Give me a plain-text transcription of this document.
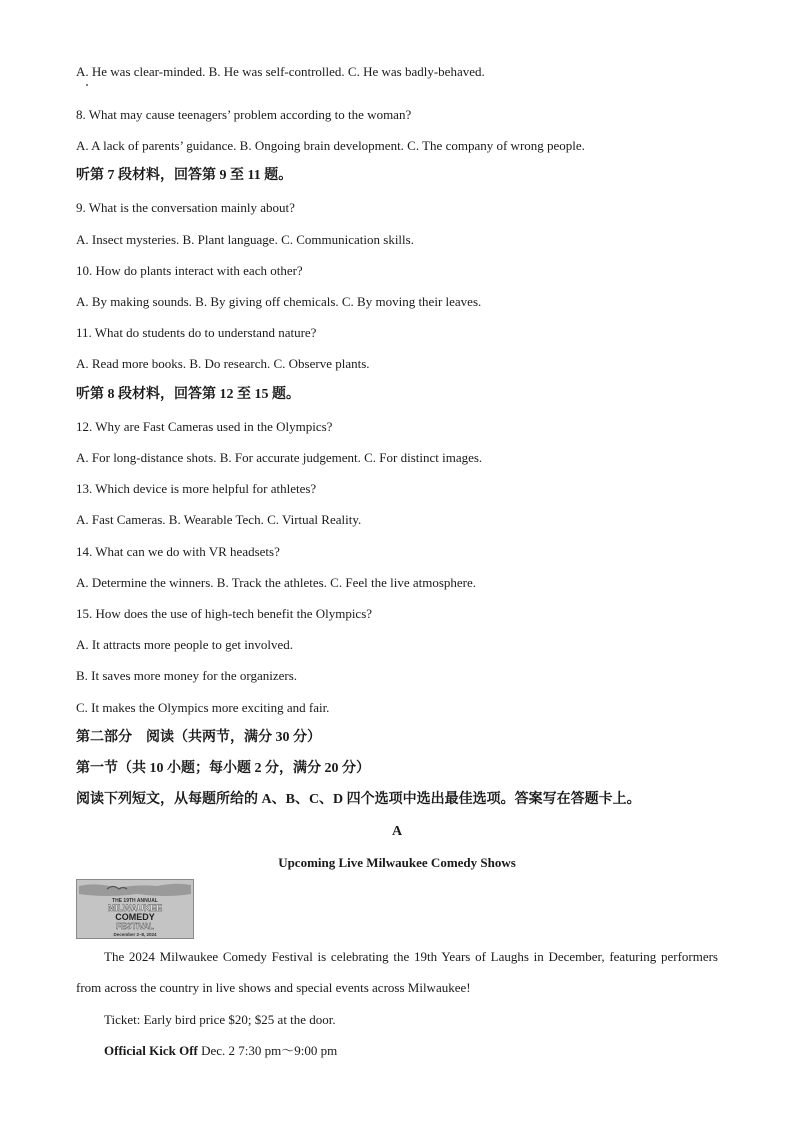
A. He was clear-minded. B. He was self-controlled. C. He was badly-behaved.
8. What may cause teenagers’ problem according to the woman?
A. A lack of parents’ guidance. B. Ongoing brain development. C. The company of wrong people.
听第 7 段材料，回答第 9 至 11 题。
9. What is the conversation mainly about?
A. Insect mysteries. B. Plant language. C. Communication skills.
10. How do plants interact with each other?
A. By making sounds. B. By giving off chemicals. C. By moving their leaves.
11. What do students do to understand nature?
A. Read more books. B. Do research. C. Observe plants.
听第 8 段材料，回答第 12 至 15 题。
12. Why are Fast Cameras used in the Olympics?
A. For long-distance shots. B. For accurate judgement. C. For distinct images.
13. Which device is more helpful for athletes?
A. Fast Cameras. B. Wearable Tech. C. Virtual Reality.
14. What can we do with VR headsets?
A. Determine the winners. B. Track the athletes. C. Feel the live atmosphere.
15. How does the use of high-tech benefit the Olympics?
A. It attracts more people to get involved.
B. It saves more money for the organizers.
C. It makes the Olympics more exciting and fair.
第二部分　阅读（共两节，满分 30 分）
第一节（共 10 小题；每小题 2 分，满分 20 分）
阅读下列短文，从每题所给的 A、B、C、D 四个选项中选出最佳选项。答案写在答题卡上。
A
Upcoming Live Milwaukee Comedy Shows
THE 19TH ANNUAL
MILWAUKEE
COMEDY
FESTIVAL
December 2–8, 2024
The 2024 Milwaukee Comedy Festival is celebrating the 19th Years of Laughs in December, featuring performers from across the country in live shows and special events across Milwaukee!
Ticket: Early bird price $20; $25 at the door.
Official Kick Off Dec. 2 7:30 pm～9:00 pm
